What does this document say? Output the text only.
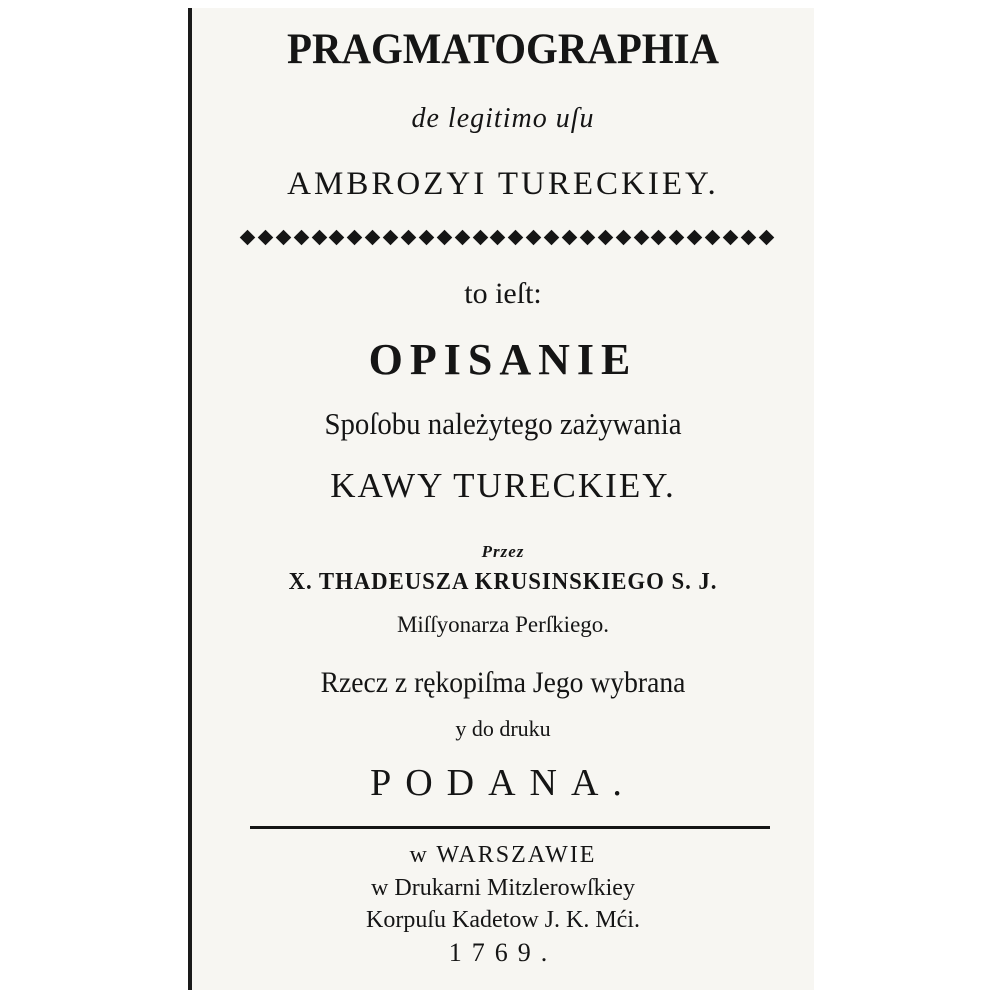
PRAGMATOGRAPHIA
de legitimo uſu
AMBROZYI TURECKIEY.
to ieſt:
OPISANIE
Spoſobu należytego zażywania
KAWY TURECKIEY.
Przez
X. THADEUSZA KRUSINSKIEGO S. J.
Miſſyonarza Perſkiego.
Rzecz z rękopiſma Jego wybrana
y do druku
PODANA.
w WARSZAWIE
w Drukarni Mitzlerowſkiey
Korpuſu Kadetow J. K. Mći.
1769.
